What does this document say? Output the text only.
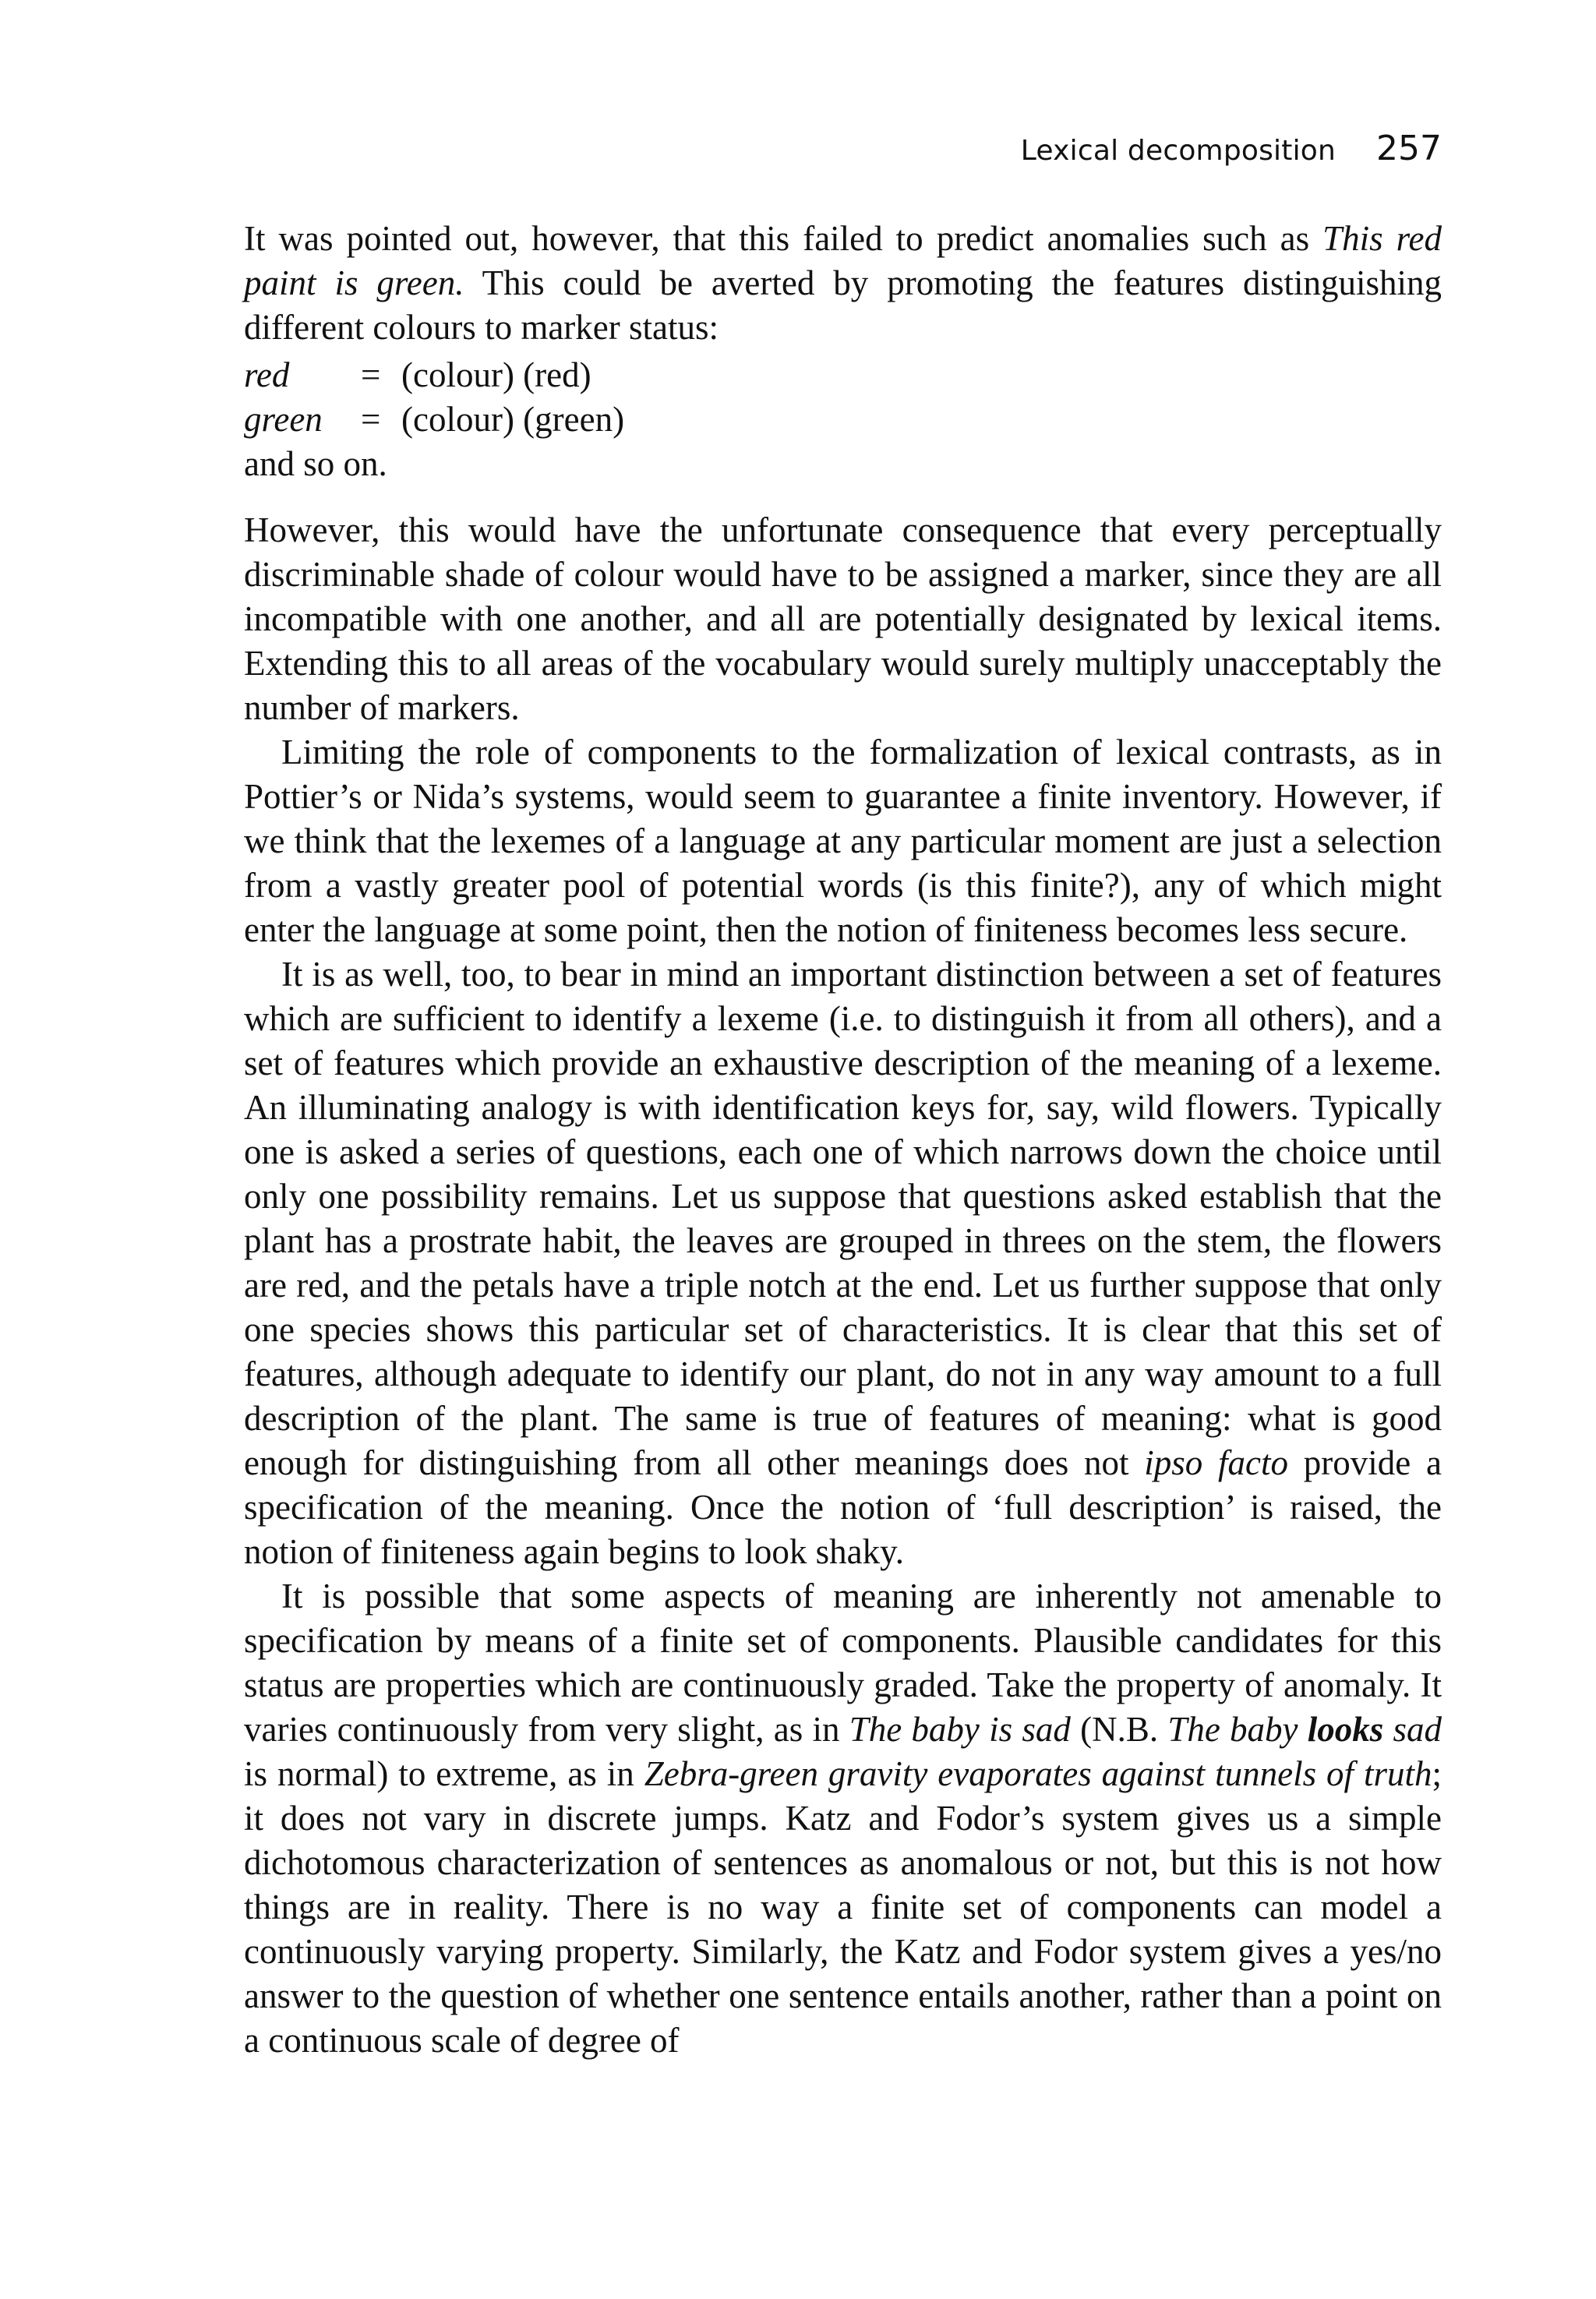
Lexical decomposition 257

It was pointed out, however, that this failed to predict anomalies such as This red paint is green. This could be averted by promoting the features distinguishing different colours to marker status:

red	= (colour) (red)
green	= (colour) (green)

and so on.

However, this would have the unfortunate consequence that every perceptually discriminable shade of colour would have to be assigned a marker, since they are all incompatible with one another, and all are potentially designated by lexical items. Extending this to all areas of the vocabulary would surely multiply unacceptably the number of markers.

Limiting the role of components to the formalization of lexical contrasts, as in Pottier’s or Nida’s systems, would seem to guarantee a finite inventory. However, if we think that the lexemes of a language at any particular moment are just a selection from a vastly greater pool of potential words (is this finite?), any of which might enter the language at some point, then the notion of finiteness becomes less secure.

It is as well, too, to bear in mind an important distinction between a set of features which are sufficient to identify a lexeme (i.e. to distinguish it from all others), and a set of features which provide an exhaustive description of the meaning of a lexeme. An illuminating analogy is with identification keys for, say, wild flowers. Typically one is asked a series of questions, each one of which narrows down the choice until only one possibility remains. Let us suppose that questions asked establish that the plant has a prostrate habit, the leaves are grouped in threes on the stem, the flowers are red, and the petals have a triple notch at the end. Let us further suppose that only one species shows this particular set of characteristics. It is clear that this set of features, although adequate to identify our plant, do not in any way amount to a full description of the plant. The same is true of features of meaning: what is good enough for distinguishing from all other meanings does not ipso facto provide a specification of the meaning. Once the notion of ‘full description’ is raised, the notion of finiteness again begins to look shaky.

It is possible that some aspects of meaning are inherently not amenable to specification by means of a finite set of components. Plausible candidates for this status are properties which are continuously graded. Take the property of anomaly. It varies continuously from very slight, as in The baby is sad (N.B. The baby looks sad is normal) to extreme, as in Zebra-green gravity evaporates against tunnels of truth; it does not vary in discrete jumps. Katz and Fodor’s system gives us a simple dichotomous characterization of sentences as anomalous or not, but this is not how things are in reality. There is no way a finite set of components can model a continuously varying property. Similarly, the Katz and Fodor system gives a yes/no answer to the question of whether one sentence entails another, rather than a point on a continuous scale of degree of
